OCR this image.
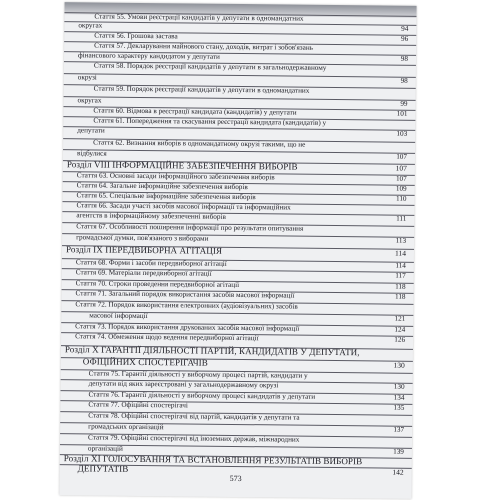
Стаття 55. Умови реєстрації кандидатів у депутати в одномандатних
округах	94
Стаття 56. Грошова застава	96
Стаття 57. Декларування майнового стану, доходів, витрат і зобов'язань
фінансового характеру кандидатом у депутати	98
Стаття 58. Порядок реєстрації кандидатів у депутати в загальнодержавному
окрузі	98
Стаття 59. Порядок реєстрації кандидатів у депутати в одномандатних
округах	99
Стаття 60. Відмова в реєстрації кандидата (кандидатів) у депутати	101
Стаття 61. Попередження та скасування реєстрації кандидата (кандидатів) у
депутати	103
Стаття 62. Визнання виборів в одномандатному окрузі такими, що не
відбулися	107
Розділ VIII ІНФОРМАЦІЙНЕ ЗАБЕЗПЕЧЕННЯ ВИБОРІВ	107
Стаття 63. Основні засади інформаційного забезпечення виборів	107
Стаття 64. Загальне інформаційне забезпечення виборів	109
Стаття 65. Спеціальне інформаційне забезпечення виборів	110
Стаття 66. Засади участі засобів масової інформації та інформаційних
агентств в інформаційному забезпеченні виборів	111
Стаття 67. Особливості поширення інформації про результати опитування
громадської думки, пов'язаного з виборами	113
Розділ IX ПЕРЕДВИБОРНА АГІТАЦІЯ	114
Стаття 68. Форми і засоби передвиборної агітації	114
Стаття 69. Матеріали передвиборної агітації	117
Стаття 70. Строки проведення передвиборної агітації	118
Стаття 71. Загальний порядок використання засобів масової інформації	118
Стаття 72. Порядок використання електронних (аудіовізуальних) засобів
масової інформації	121
Стаття 73. Порядок використання друкованих засобів масової інформації	124
Стаття 74. Обмеження щодо ведення передвиборної агітації	126
Розділ X ГАРАНТІЇ ДІЯЛЬНОСТІ ПАРТІЙ, КАНДИДАТІВ У ДЕПУТАТИ,
ОФІЦІЙНИХ СПОСТЕРІГАЧІВ	130
Стаття 75. Гарантії діяльності у виборчому процесі партій, кандидати у
депутати від яких зареєстровані у загальнодержавному окрузі	130
Стаття 76. Гарантії діяльності у виборчому процесі кандидатів у депутати	134
Стаття 77. Офіційні спостерігачі	135
Стаття 78. Офіційні спостерігачі від партій, кандидатів у депутати та
громадських організацій	137
Стаття 79. Офіційні спостерігачі від іноземних держав, міжнародних
організацій	139
Розділ XI ГОЛОСУВАННЯ ТА ВСТАНОВЛЕННЯ РЕЗУЛЬТАТІВ ВИБОРІВ
ДЕПУТАТІВ	142
573
